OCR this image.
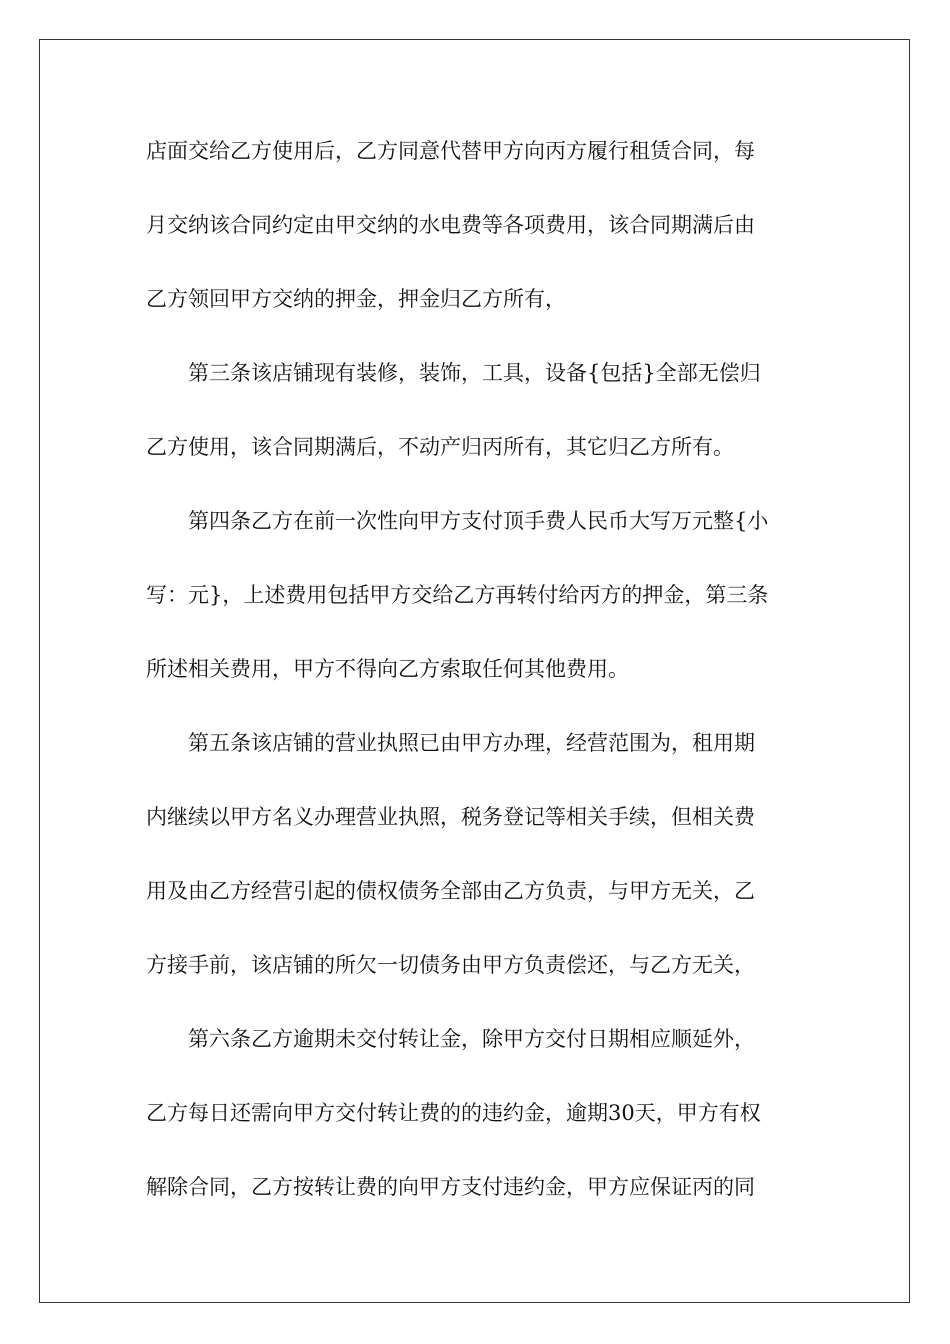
店面交给乙方使用后，乙方同意代替甲方向丙方履行租赁合同，每
月交纳该合同约定由甲交纳的水电费等各项费用，该合同期满后由
乙方领回甲方交纳的押金，押金归乙方所有，
第三条该店铺现有装修，装饰，工具，设备{包括}全部无偿归
乙方使用，该合同期满后，不动产归丙所有，其它归乙方所有。
第四条乙方在前一次性向甲方支付顶手费人民币大写万元整{小
写：元}，上述费用包括甲方交给乙方再转付给丙方的押金，第三条
所述相关费用，甲方不得向乙方索取任何其他费用。
第五条该店铺的营业执照已由甲方办理，经营范围为，租用期
内继续以甲方名义办理营业执照，税务登记等相关手续，但相关费
用及由乙方经营引起的债权债务全部由乙方负责，与甲方无关，乙
方接手前，该店铺的所欠一切债务由甲方负责偿还，与乙方无关，
第六条乙方逾期未交付转让金，除甲方交付日期相应顺延外，
乙方每日还需向甲方交付转让费的的违约金，逾期30天，甲方有权
解除合同，乙方按转让费的向甲方支付违约金，甲方应保证丙的同
